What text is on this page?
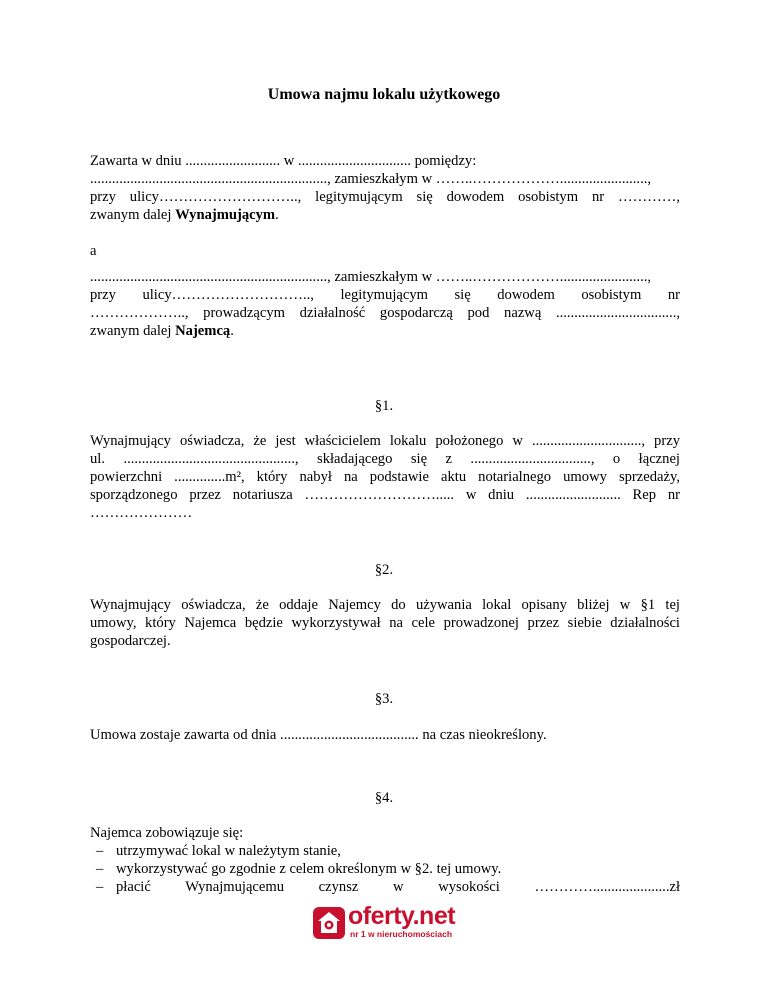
Umowa najmu lokalu użytkowego
Zawarta w dniu .......................... w ............................... pomiędzy:
................................................................., zamieszkałym w ……..………………........................,
przy ulicy……………………….., legitymującym się dowodem osobistym nr …………,
zwanym dalej Wynajmującym.
a
................................................................., zamieszkałym w ……..………………........................,
przy ulicy……………………….., legitymującym się dowodem osobistym nr
……………….., prowadzącym działalność gospodarczą pod nazwą .................................,
zwanym dalej Najemcą.
§1.
Wynajmujący oświadcza, że jest właścicielem lokalu położonego w .............................., przy
ul. ..............................................., składającego się z ................................., o łącznej
powierzchni ..............m², który nabył na podstawie aktu notarialnego umowy sprzedaży,
sporządzonego przez notariusza ………………………..... w dniu .......................... Rep nr
…………………
§2.
Wynajmujący oświadcza, że oddaje Najemcy do używania lokal opisany bliżej w §1 tej
umowy, który Najemca będzie wykorzystywał na cele prowadzonej przez siebie działalności
gospodarczej.
§3.
Umowa zostaje zawarta od dnia ...................................... na czas nieokreślony.
§4.
Najemca zobowiązuje się:
– utrzymywać lokal w należytym stanie,
– wykorzystywać go zgodnie z celem określonym w §2. tej umowy.
– płacić Wynajmującemu czynsz w wysokości ………….....................zł
oferty.net
nr 1 w nieruchomościach
